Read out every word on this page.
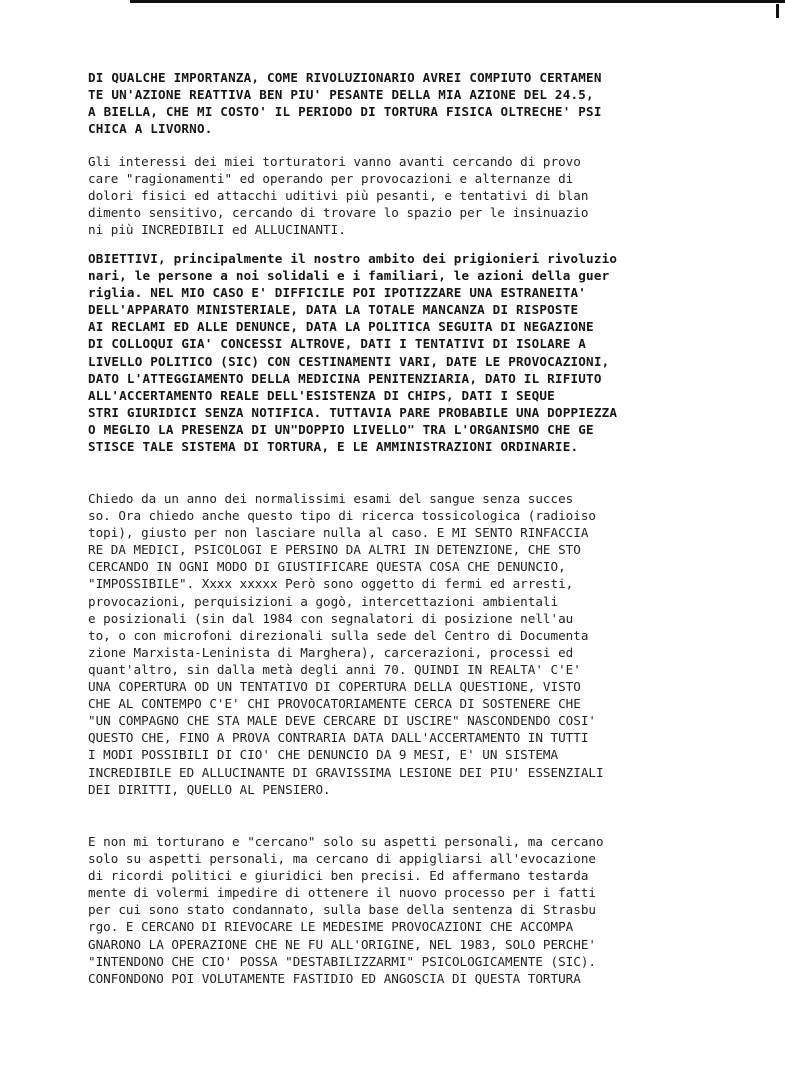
DI QUALCHE IMPORTANZA, COME RIVOLUZIONARIO AVREI COMPIUTO CERTAMEN
TE UN'AZIONE REATTIVA BEN PIU' PESANTE DELLA MIA AZIONE DEL 24.5,
A BIELLA, CHE MI COSTO' IL PERIODO DI TORTURA FISICA OLTRECHE' PSI
CHICA A LIVORNO.
Gli interessi dei miei torturatori vanno avanti cercando di provo
care "ragionamenti" ed operando per provocazioni e alternanze di
dolori fisici ed attacchi uditivi più pesanti, e tentativi di blan
dimento sensitivo, cercando di trovare lo spazio per le insinuazio
ni più INCREDIBILI ed ALLUCINANTI.
OBIETTIVI, principalmente il nostro ambito dei prigionieri rivoluzio
nari, le persone a noi solidali e i familiari, le azioni della guer
riglia. NEL MIO CASO E' DIFFICILE POI IPOTIZZARE UNA ESTRANEITA'
DELL'APPARATO MINISTERIALE, DATA LA TOTALE MANCANZA DI RISPOSTE
AI RECLAMI ED ALLE DENUNCE, DATA LA POLITICA SEGUITA DI NEGAZIONE
DI COLLOQUI GIA' CONCESSI ALTROVE, DATI I TENTATIVI DI ISOLARE A
LIVELLO POLITICO (SIC) CON CESTINAMENTI VARI, DATE LE PROVOCAZIONI,
DATO L'ATTEGGIAMENTO DELLA MEDICINA PENITENZIARIA, DATO IL RIFIUTO
ALL'ACCERTAMENTO REALE DELL'ESISTENZA DI CHIPS, DATI I SEQUE
STRI GIURIDICI SENZA NOTIFICA. TUTTAVIA PARE PROBABILE UNA DOPPIEZZA
O MEGLIO LA PRESENZA DI UN"DOPPIO LIVELLO" TRA L'ORGANISMO CHE GE
STISCE TALE SISTEMA DI TORTURA, E LE AMMINISTRAZIONI ORDINARIE.
Chiedo da un anno dei normalissimi esami del sangue senza succes
so. Ora chiedo anche questo tipo di ricerca tossicologica (radioiso
topi), giusto per non lasciare nulla al caso. E MI SENTO RINFACCIA
RE DA MEDICI, PSICOLOGI E PERSINO DA ALTRI IN DETENZIONE, CHE STO
CERCANDO IN OGNI MODO DI GIUSTIFICARE QUESTA COSA CHE DENUNCIO,
"IMPOSSIBILE". Xxxx xxxxx Però sono oggetto di fermi ed arresti,
provocazioni, perquisizioni a gogò, intercettazioni ambientali
e posizionali (sin dal 1984 con segnalatori di posizione nell'au
to, o con microfoni direzionali sulla sede del Centro di Documenta
zione Marxista-Leninista di Marghera), carcerazioni, processi ed
quant'altro, sin dalla metà degli anni 70. QUINDI IN REALTA' C'E'
UNA COPERTURA OD UN TENTATIVO DI COPERTURA DELLA QUESTIONE, VISTO
CHE AL CONTEMPO C'E' CHI PROVOCATORIAMENTE CERCA DI SOSTENERE CHE
"UN COMPAGNO CHE STA MALE DEVE CERCARE DI USCIRE" NASCONDENDO COSI'
QUESTO CHE, FINO A PROVA CONTRARIA DATA DALL'ACCERTAMENTO IN TUTTI
I MODI POSSIBILI DI CIO' CHE DENUNCIO DA 9 MESI, E' UN SISTEMA
INCREDIBILE ED ALLUCINANTE DI GRAVISSIMA LESIONE DEI PIU' ESSENZIALI
DEI DIRITTI, QUELLO AL PENSIERO.
E non mi torturano e "cercano" solo su aspetti personali, ma cercano
solo su aspetti personali, ma cercano di appigliarsi all'evocazione
di ricordi politici e giuridici ben precisi. Ed affermano testarda
mente di volermi impedire di ottenere il nuovo processo per i fatti
per cui sono stato condannato, sulla base della sentenza di Strasbu
rgo. E CERCANO DI RIEVOCARE LE MEDESIME PROVOCAZIONI CHE ACCOMPA
GNARONO LA OPERAZIONE CHE NE FU ALL'ORIGINE, NEL 1983, SOLO PERCHE'
"INTENDONO CHE CIO' POSSA "DESTABILIZZARMI" PSICOLOGICAMENTE (SIC).
CONFONDONO POI VOLUTAMENTE FASTIDIO ED ANGOSCIA DI QUESTA TORTURA
